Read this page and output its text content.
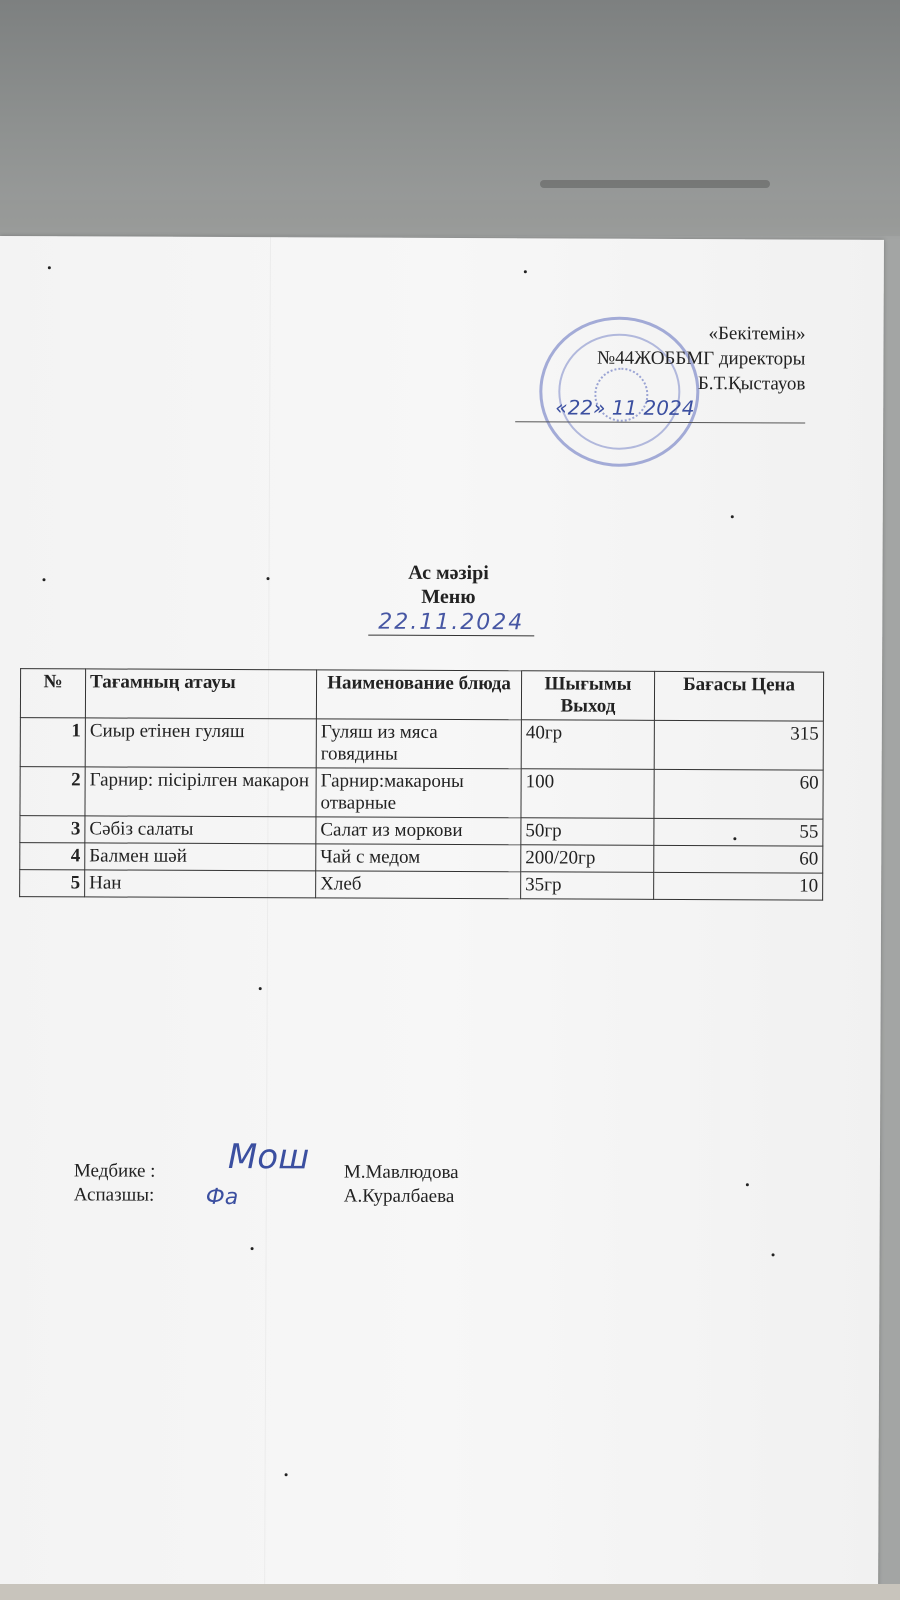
«Бекітемін»
№44ЖОББМГ директоры
Б.Т.Қыстауов
«22» 11 2024
Ас мәзірі
Меню
22.11.2024
№	Тағамның атауы	Наименование блюда	Шығымы Выход	Бағасы Цена
1	Сиыр етінен гуляш	Гуляш из мяса говядины	40гр	315
2	Гарнир: пісірілген макарон	Гарнир:макароны отварные	100	60
3	Сәбіз салаты	Салат из моркови	50гр	55
4	Балмен шәй	Чай с медом	200/20гр	60
5	Нан	Хлеб	35гр	10
Мош
Фа
Медбике :	М.Мавлюдова
Аспазшы:	А.Куралбаева
